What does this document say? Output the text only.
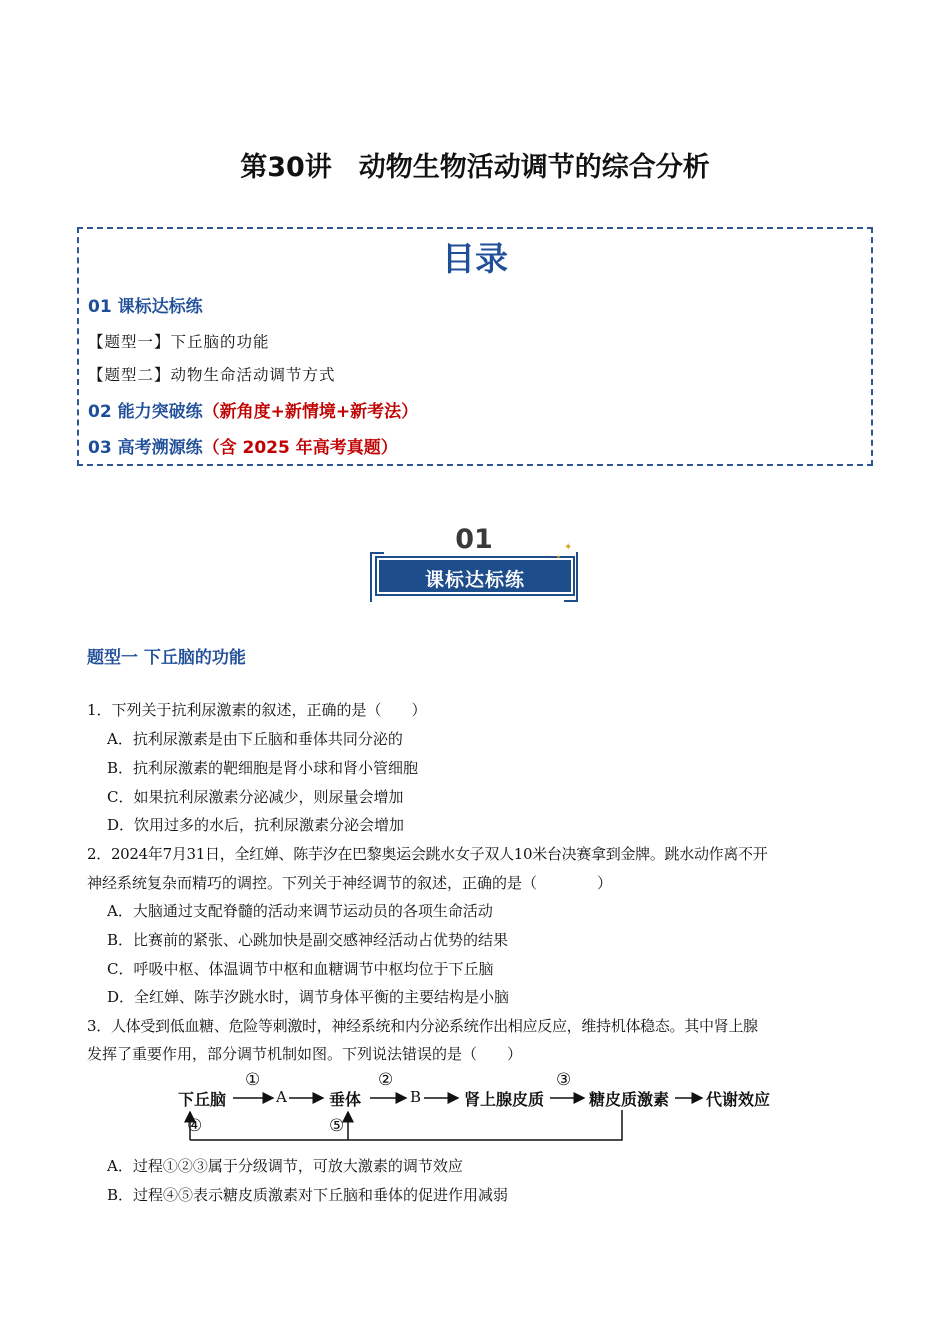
第30讲　动物生物活动调节的综合分析
目录
01 课标达标练
【题型一】下丘脑的功能
【题型二】动物生命活动调节方式
02 能力突破练（新角度+新情境+新考法）
03 高考溯源练（含 2025 年高考真题）
01
课标达标练
✦
✦
题型一 下丘脑的功能
1．下列关于抗利尿激素的叙述，正确的是（　　）
A．抗利尿激素是由下丘脑和垂体共同分泌的
B．抗利尿激素的靶细胞是肾小球和肾小管细胞
C．如果抗利尿激素分泌减少，则尿量会增加
D．饮用过多的水后，抗利尿激素分泌会增加
2．2024年7月31日，全红婵、陈芋汐在巴黎奥运会跳水女子双人10米台决赛拿到金牌。跳水动作离不开
神经系统复杂而精巧的调控。下列关于神经调节的叙述，正确的是（　　　　）
A．大脑通过支配脊髓的活动来调节运动员的各项生命活动
B．比赛前的紧张、心跳加快是副交感神经活动占优势的结果
C．呼吸中枢、体温调节中枢和血糖调节中枢均位于下丘脑
D．全红婵、陈芋汐跳水时，调节身体平衡的主要结构是小脑
3．人体受到低血糖、危险等刺激时，神经系统和内分泌系统作出相应反应，维持机体稳态。其中肾上腺
发挥了重要作用，部分调节机制如图。下列说法错误的是（　　）
下丘脑
①
A	垂体
②
B	肾上腺皮质
③
糖皮质激素 代谢效应
④	⑤
A．过程①②③属于分级调节，可放大激素的调节效应
B．过程④⑤表示糖皮质激素对下丘脑和垂体的促进作用减弱
